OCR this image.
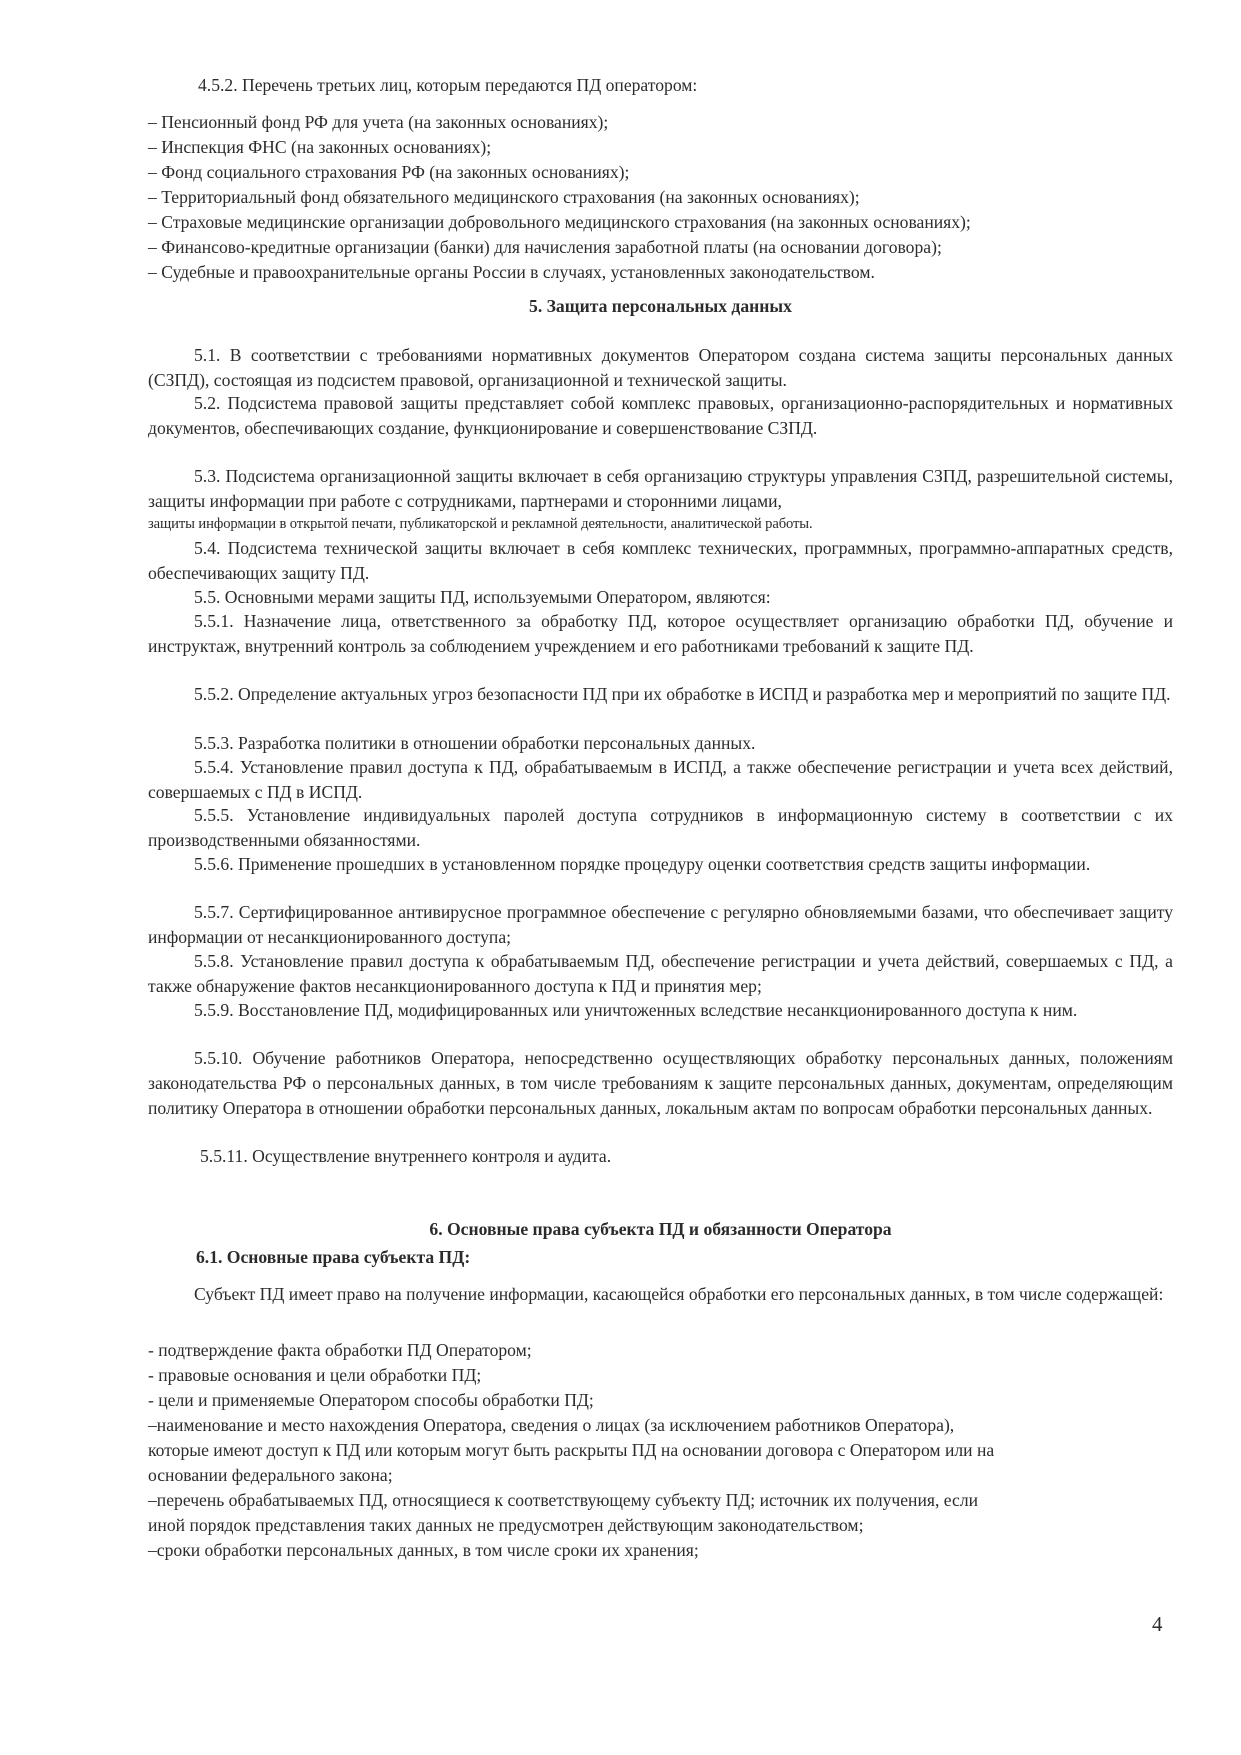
4.5.2. Перечень третьих лиц, которым передаются ПД оператором:

– Пенсионный фонд РФ для учета (на законных основаниях);
– Инспекция ФНС (на законных основаниях);
– Фонд социального страхования РФ (на законных основаниях);
– Территориальный фонд обязательного медицинского страхования (на законных основаниях);
– Страховые медицинские организации добровольного медицинского страхования (на законных основаниях);
– Финансово-кредитные организации (банки) для начисления заработной платы (на основании договора);
– Судебные и правоохранительные органы России в случаях, установленных законодательством.

5. Защита персональных данных

5.1. В соответствии с требованиями нормативных документов Оператором создана система защиты персональных данных (СЗПД), состоящая из подсистем правовой, организационной и технической защиты.

5.2. Подсистема правовой защиты представляет собой комплекс правовых, организационно-распорядительных и нормативных документов, обеспечивающих создание, функционирование и совершенствование СЗПД.

5.3. Подсистема организационной защиты включает в себя организацию структуры управления СЗПД, разрешительной системы, защиты информации при работе с сотрудниками, партнерами и сторонними лицами,

защиты информации в открытой печати, публикаторской и рекламной деятельности, аналитической работы.

5.4. Подсистема технической защиты включает в себя комплекс технических, программных, программно-аппаратных средств, обеспечивающих защиту ПД.

5.5. Основными мерами защиты ПД, используемыми Оператором, являются:

5.5.1. Назначение лица, ответственного за обработку ПД, которое осуществляет организацию обработки ПД, обучение и инструктаж, внутренний контроль за соблюдением учреждением и его работниками требований к защите ПД.

5.5.2. Определение актуальных угроз безопасности ПД при их обработке в ИСПД и разработка мер и мероприятий по защите ПД.

5.5.3. Разработка политики в отношении обработки персональных данных.

5.5.4. Установление правил доступа к ПД, обрабатываемым в ИСПД, а также обеспечение регистрации и учета всех действий, совершаемых с ПД в ИСПД.

5.5.5. Установление индивидуальных паролей доступа сотрудников в информационную систему в соответствии с их производственными обязанностями.

5.5.6. Применение прошедших в установленном порядке процедуру оценки соответствия средств защиты информации.

5.5.7. Сертифицированное антивирусное программное обеспечение с регулярно обновляемыми базами, что обеспечивает защиту информации от несанкционированного доступа;

5.5.8. Установление правил доступа к обрабатываемым ПД, обеспечение регистрации и учета действий, совершаемых с ПД, а также обнаружение фактов несанкционированного доступа к ПД и принятия мер;

5.5.9. Восстановление ПД, модифицированных или уничтоженных вследствие несанкционированного доступа к ним.

5.5.10. Обучение работников Оператора, непосредственно осуществляющих обработку персональных данных, положениям законодательства РФ о персональных данных, в том числе требованиям к защите персональных данных, документам, определяющим политику Оператора в отношении обработки персональных данных, локальным актам по вопросам обработки персональных данных.

5.5.11. Осуществление внутреннего контроля и аудита.

6. Основные права субъекта ПД и обязанности Оператора

6.1. Основные права субъекта ПД:

Субъект ПД имеет право на получение информации, касающейся обработки его персональных данных, в том числе содержащей:

- подтверждение факта обработки ПД Оператором;
- правовые основания и цели обработки ПД;
- цели и применяемые Оператором способы обработки ПД;
–наименование и место нахождения Оператора, сведения о лицах (за исключением работников Оператора),
которые имеют доступ к ПД или которым могут быть раскрыты ПД на основании договора с Оператором или на
основании федерального закона;
–перечень обрабатываемых ПД, относящиеся к соответствующему субъекту ПД; источник их получения, если
иной порядок представления таких данных не предусмотрен действующим законодательством;
–сроки обработки персональных данных, в том числе сроки их хранения;
4
